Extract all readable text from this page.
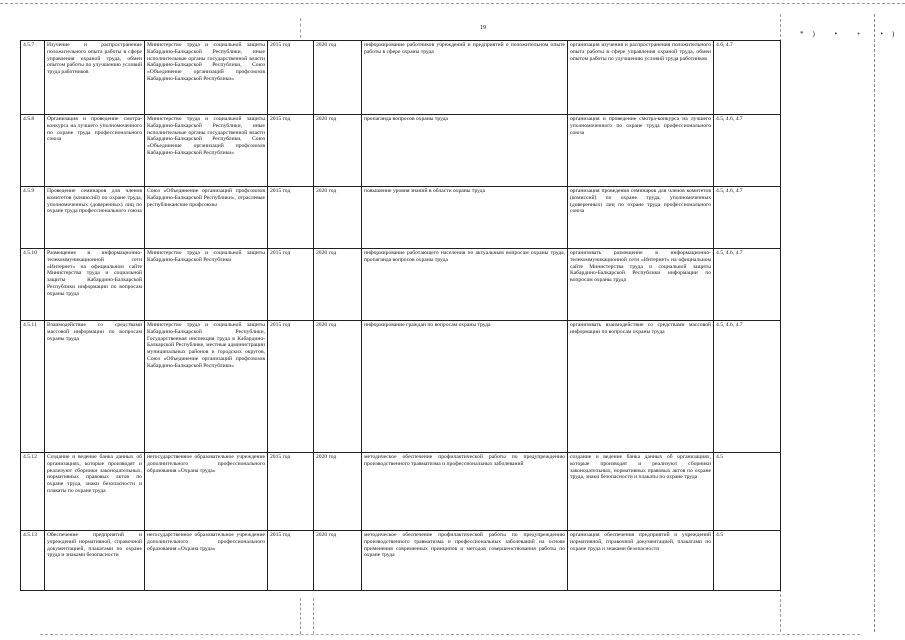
19
*) • + •)
4.5.7	Изучение и распространение положительного опыта работы в сфере управления охраной труда, обмен опытом работы по улучшению условий труда работников	Министерство труда и социальной защиты Кабардино-Балкарской Республики, иные исполнительные органы государственной власти Кабардино-Балкарской Республики, Союз «Объединение организаций профсоюзов Кабардино-Балкарской Республики»	2015 год	2020 год	информирование работников учреждений и предприятий о положительном опыте работы в сфере охраны труда	организация изучения и распространения положительного опыта работы в сфере управления охраной труда, обмен опытом работы по улучшению условий труда работников	4.6, 4.7
4.5.8	Организация и проведение смотра-конкурса на лучшего уполномоченного по охране труда профессионального союза	Министерство труда и социальной защиты Кабардино-Балкарской Республики, иные исполнительные органы государственной власти Кабардино-Балкарской Республики, Союз «Объединение организаций профсоюзов Кабардино-Балкарской Республики»	2015 год	2020 год	пропаганда вопросов охраны труда	организация и проведение смотра-конкурса на лучшего уполномоченного по охране труда профессионального союза	4.5, 4.6, 4.7
4.5.9	Проведение семинаров для членов комитетов (комиссий) по охране труда, уполномоченных (доверенных) лиц по охране труда профессионального союза	Союз «Объединение организаций профсоюзов Кабардино-Балкарской Республики», отраслевые республиканские профсоюзы	2015 год	2020 год	повышение уровня знаний в области охраны труда	организация проведения семинаров для членов комитетов (комиссий) по охране труда, уполномоченных (доверенных) лиц по охране труда профессионального союза	4.5, 4.6, 4.7
4.5.10	Размещение в информационно-телекоммуникационной сети «Интернет» на официальном сайте Министерства труда и социальной защиты Кабардино-Балкарской Республики информации по вопросам охраны труда	Министерство труда и социальной защиты Кабардино-Балкарской Республики	2015 год	2020 год	информирование работающего населения по актуальным вопросам охраны труда, пропаганда вопросов охраны труда	организовать размещение в информационно-телекоммуникационной сети «Интернет» на официальном сайте Министерства труда и социальной защиты Кабардино-Балкарской Республики информации по вопросам охраны труда	4.5, 4.6, 4.7
4.5.11	Взаимодействие со средствами массовой информации по вопросам охраны труда	Министерство труда и социальной защиты Кабардино-Балкарской Республики, Государственная инспекция труда в Кабардино-Балкарской Республике, местные администрации муниципальных районов и городских округов, Союз «Объединение организаций профсоюзов Кабардино-Балкарской Республики»	2015 год	2020 год	информирование граждан по вопросам охраны труда	организовать взаимодействие со средствами массовой информации по вопросам охраны труда	4.5, 4.6, 4.7
4.5.12	Создание и ведение банка данных об организациях, которые производят и реализуют сборники законодательных, нормативных правовых актов по охране труда, знаки безопасности и плакаты по охране труда	негосударственное образовательное учреждение дополнительного профессионального образования «Охрана труда»	2015 год	2020 год	методическое обеспечение профилактической работы по предупреждению производственного травматизма и профессиональных заболеваний	создание и ведение банка данных об организациях, которые производят и реализуют сборники законодательных, нормативных правовых актов по охране труда, знаки безопасности и плакаты по охране труда	4.5
4.5.13	Обеспечение предприятий и учреждений нормативной, справочной документацией, плакатами по охране труда и знаками безопасности	негосударственное образовательное учреждение дополнительного профессионального образования «Охрана труда»	2015 год	2020 год	методическое обеспечение профилактической работы по предупреждению производственного травматизма и профессиональных заболеваний на основе применения современных принципов и методов совершенствования работы по охране труда	организация обеспечения предприятий и учреждений нормативной, справочной документацией, плакатами по охране труда и знаками безопасности	4.5
